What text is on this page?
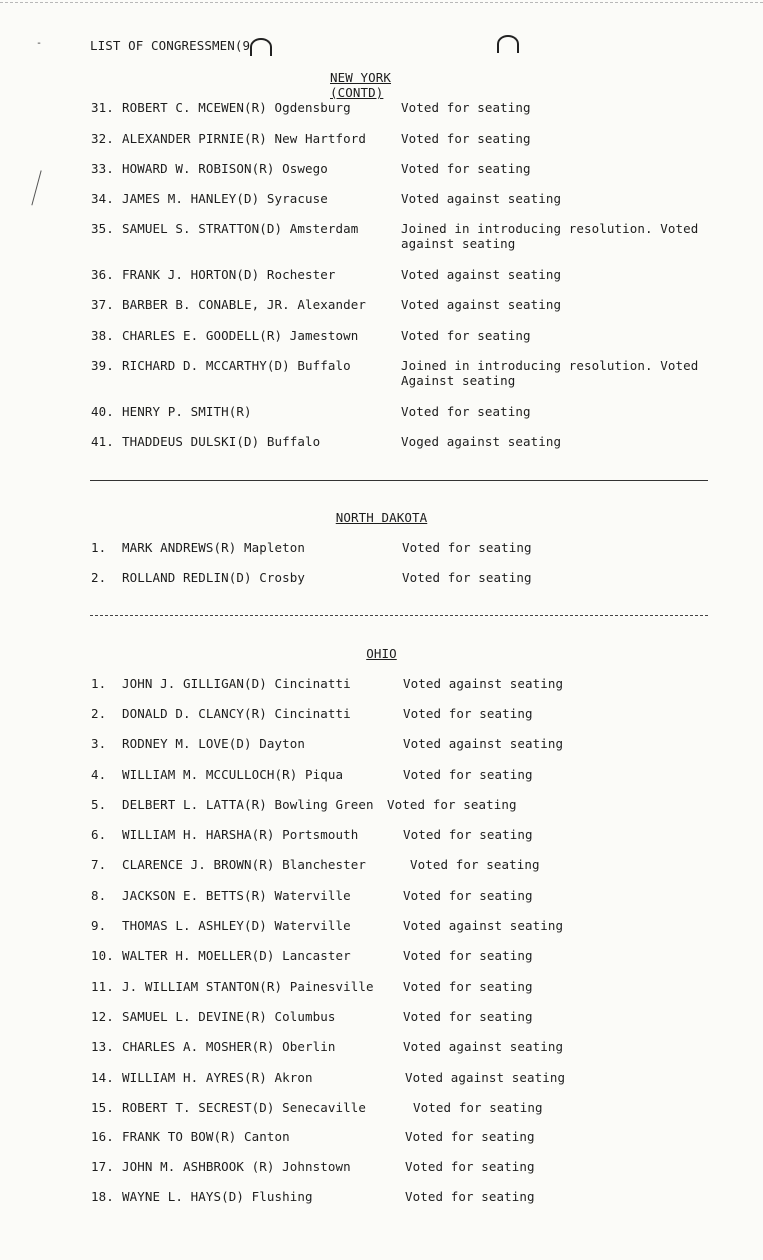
LIST OF CONGRESSMEN(9
-
NEW YORK (CONTD)
31. ROBERT C. MCEWEN(R) Ogdensburg	Voted for seating
32. ALEXANDER PIRNIE(R) New Hartford	Voted for seating
33. HOWARD W. ROBISON(R) Oswego	Voted for seating
34. JAMES M. HANLEY(D) Syracuse	Voted against seating
35. SAMUEL S. STRATTON(D) Amsterdam	Joined in introducing resolution. Voted against seating
36. FRANK J. HORTON(D) Rochester	Voted against seating
37. BARBER B. CONABLE, JR. Alexander	Voted against seating
38. CHARLES E. GOODELL(R) Jamestown	Voted for seating
39. RICHARD D. MCCARTHY(D) Buffalo	Joined in introducing resolution. Voted Against seating
40. HENRY P. SMITH(R)	Voted for seating
41. THADDEUS DULSKI(D) Buffalo	Voged against seating
NORTH DAKOTA
1. MARK ANDREWS(R) Mapleton	Voted for seating
2. ROLLAND REDLIN(D) Crosby	Voted for seating
OHIO
1. JOHN J. GILLIGAN(D) Cincinatti	Voted against seating
2. DONALD D. CLANCY(R) Cincinatti	Voted for seating
3. RODNEY M. LOVE(D) Dayton	Voted against seating
4. WILLIAM M. MCCULLOCH(R) Piqua	Voted for seating
5. DELBERT L. LATTA(R) Bowling Green Voted for seating
6. WILLIAM H. HARSHA(R) Portsmouth	Voted for seating
7. CLARENCE J. BROWN(R) Blanchester	Voted for seating
8. JACKSON E. BETTS(R) Waterville	Voted for seating
9. THOMAS L. ASHLEY(D) Waterville	Voted against seating
10. WALTER H. MOELLER(D) Lancaster	Voted for seating
11. J. WILLIAM STANTON(R) Painesville Voted for seating
12. SAMUEL L. DEVINE(R) Columbus	Voted for seating
13. CHARLES A. MOSHER(R) Oberlin	Voted against seating
14. WILLIAM H. AYRES(R) Akron	Voted against seating
15. ROBERT T. SECREST(D) Senecaville	Voted for seating
16. FRANK TO BOW(R) Canton	Voted for seating
17. JOHN M. ASHBROOK (R) Johnstown	Voted for seating
18. WAYNE L. HAYS(D) Flushing	Voted for seating
